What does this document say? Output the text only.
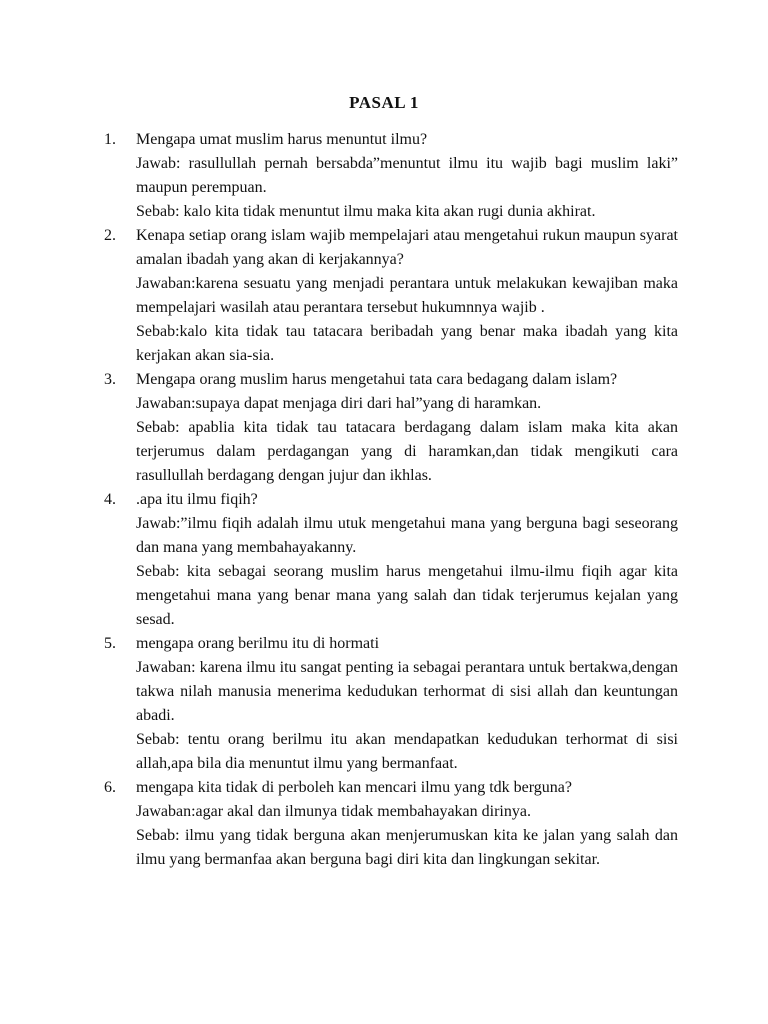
PASAL 1
1. Mengapa umat muslim harus menuntut ilmu?

Jawab: rasullullah pernah bersabda”menuntut ilmu itu wajib bagi muslim laki” maupun perempuan.

Sebab: kalo kita tidak menuntut ilmu maka kita akan rugi dunia akhirat.

2. Kenapa setiap orang islam wajib mempelajari atau mengetahui rukun maupun syarat amalan ibadah yang akan di kerjakannya?

Jawaban:karena sesuatu yang menjadi perantara untuk melakukan kewajiban maka mempelajari wasilah atau perantara tersebut hukumnnya wajib .

Sebab:kalo kita tidak tau tatacara beribadah yang benar maka ibadah yang kita kerjakan akan sia-sia.

3. Mengapa orang muslim harus mengetahui tata cara bedagang dalam islam?

Jawaban:supaya dapat menjaga diri dari hal”yang di haramkan.

Sebab: apablia kita tidak tau tatacara berdagang dalam islam maka kita akan terjerumus dalam perdagangan yang di haramkan,dan tidak mengikuti cara rasullullah berdagang dengan jujur dan ikhlas.

4. .apa itu ilmu fiqih?

Jawab:”ilmu fiqih adalah ilmu utuk mengetahui mana yang berguna bagi seseorang dan mana yang membahayakanny.

Sebab: kita sebagai seorang muslim harus mengetahui ilmu-ilmu fiqih agar kita mengetahui mana yang benar mana yang salah dan tidak terjerumus kejalan yang sesad.

5. mengapa orang berilmu itu di hormati

Jawaban: karena ilmu itu sangat penting ia sebagai perantara untuk bertakwa,dengan takwa nilah manusia menerima kedudukan terhormat di sisi allah dan keuntungan abadi.

Sebab: tentu orang berilmu itu akan mendapatkan kedudukan terhormat di sisi allah,apa bila dia menuntut ilmu yang bermanfaat.

6. mengapa kita tidak di perboleh kan mencari ilmu yang tdk berguna?

Jawaban:agar akal dan ilmunya tidak membahayakan dirinya.

Sebab: ilmu yang tidak berguna akan menjerumuskan kita ke jalan yang salah dan ilmu yang bermanfaa akan berguna bagi diri kita dan lingkungan sekitar.
